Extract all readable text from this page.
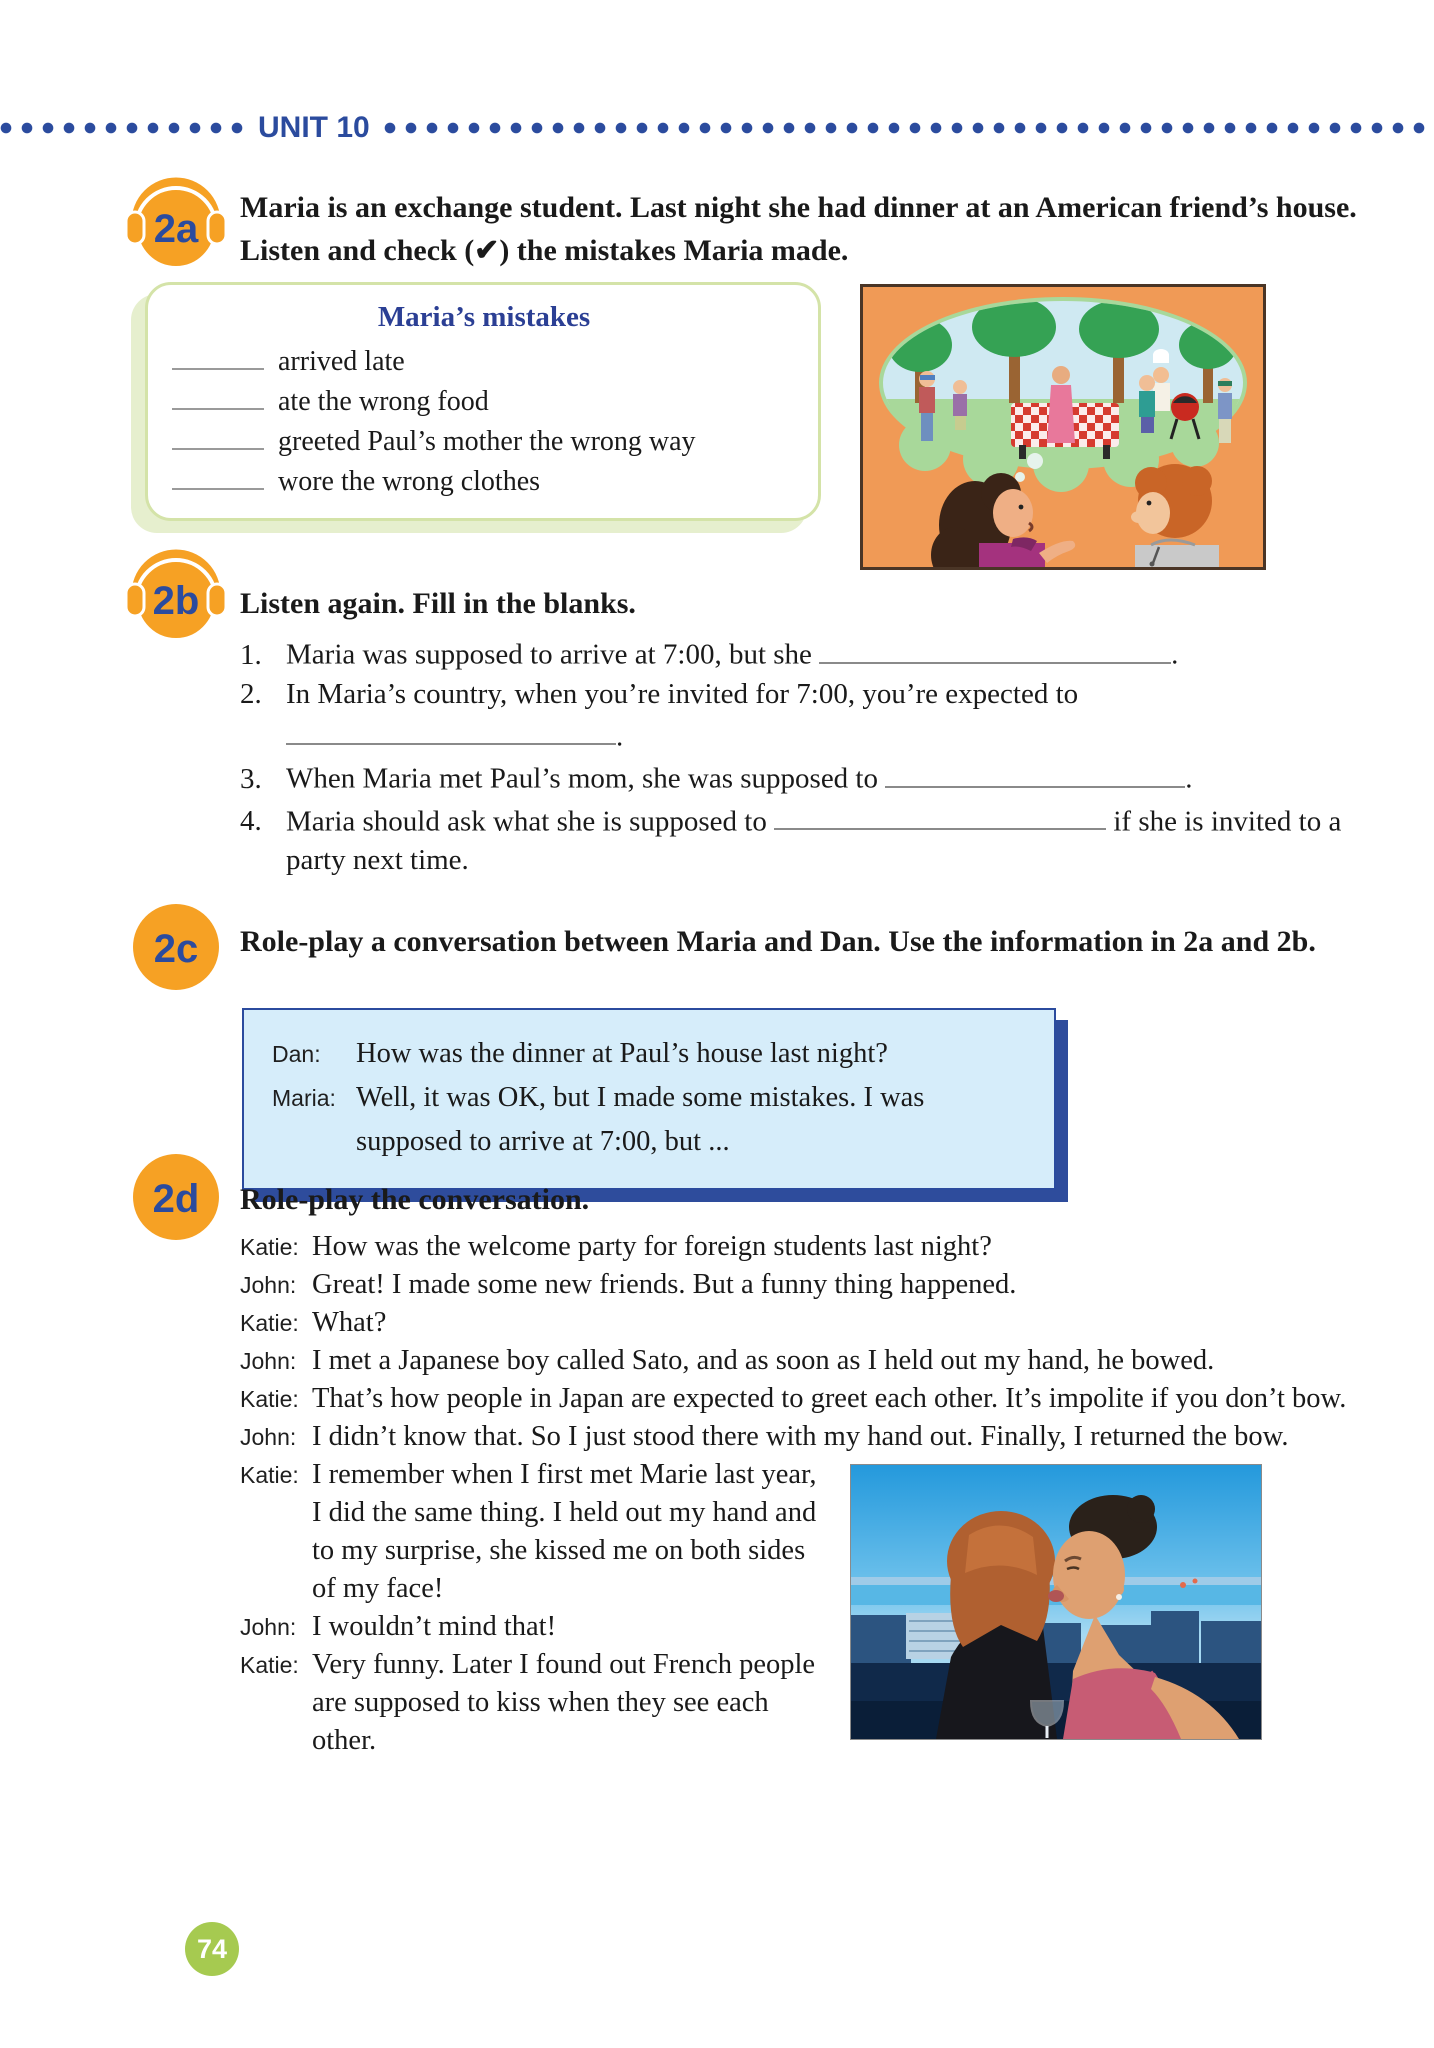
UNIT 10
2a Maria is an exchange student. Last night she had dinner at an American friend’s house. Listen and check (✔) the mistakes Maria made.
Maria’s mistakes
arrived late
ate the wrong food
greeted Paul’s mother the wrong way
wore the wrong clothes
2b Listen again. Fill in the blanks.

1. Maria was supposed to arrive at 7:00, but she	.

2. In Maria’s country, when you’re invited for 7:00, you’re expected to .

3. When Maria met Paul’s mom, she was supposed to	.

4. Maria should ask what she is supposed to	if she is invited to a party next time.

2c Role-play a conversation between Maria and Dan. Use the information in 2a and 2b.

Dan: How was the dinner at Paul’s house last night?

Maria: Well, it was OK, but I made some mistakes. I was supposed to arrive at 7:00, but ...

2d Role-play the conversation.

Katie: How was the welcome party for foreign students last night?

John: Great! I made some new friends. But a funny thing happened.

Katie: What?

John: I met a Japanese boy called Sato, and as soon as I held out my hand, he bowed.

Katie: That’s how people in Japan are expected to greet each other. It’s impolite if you don’t bow.

John: I didn’t know that. So I just stood there with my hand out. Finally, I returned the bow.

Katie: I remember when I first met Marie last year, I did the same thing. I held out my hand and to my surprise, she kissed me on both sides of my face!

John: I wouldn’t mind that!

Katie: Very funny. Later I found out French people are supposed to kiss when they see each other.

74
